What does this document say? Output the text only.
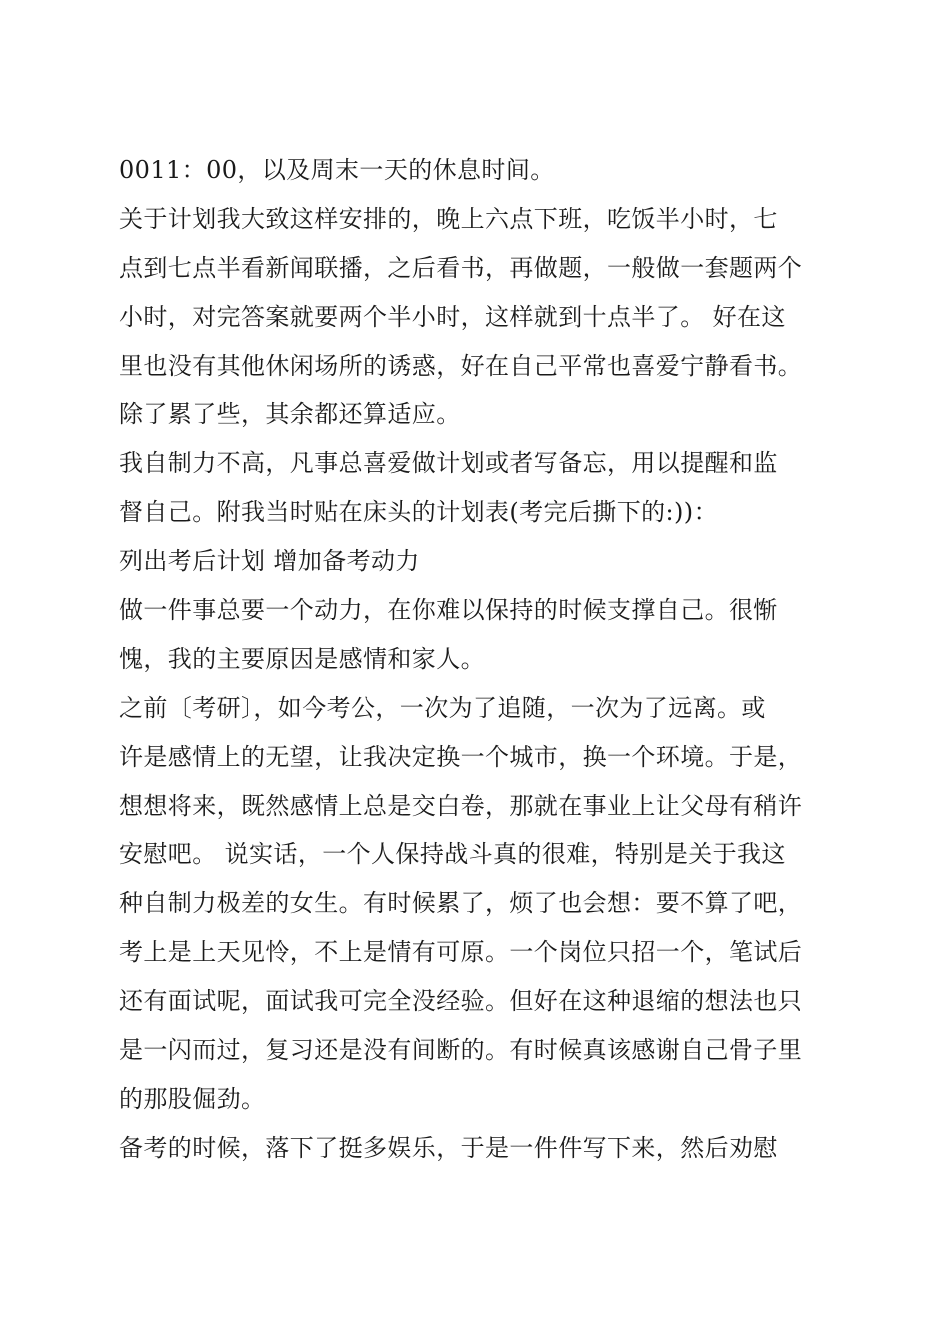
0011：00，以及周末一天的休息时间。
关于计划我大致这样安排的，晚上六点下班，吃饭半小时，七
点到七点半看新闻联播，之后看书，再做题，一般做一套题两个
小时，对完答案就要两个半小时，这样就到十点半了。 好在这
里也没有其他休闲场所的诱惑，好在自己平常也喜爱宁静看书。
除了累了些，其余都还算适应。
我自制力不高，凡事总喜爱做计划或者写备忘，用以提醒和监
督自己。附我当时贴在床头的计划表(考完后撕下的:))：
列出考后计划 增加备考动力
做一件事总要一个动力，在你难以保持的时候支撑自己。很惭
愧，我的主要原因是感情和家人。
之前〔考研〕，如今考公，一次为了追随，一次为了远离。或
许是感情上的无望，让我决定换一个城市，换一个环境。于是，
想想将来，既然感情上总是交白卷，那就在事业上让父母有稍许
安慰吧。 说实话，一个人保持战斗真的很难，特别是关于我这
种自制力极差的女生。有时候累了，烦了也会想：要不算了吧，
考上是上天见怜，不上是情有可原。一个岗位只招一个，笔试后
还有面试呢，面试我可完全没经验。但好在这种退缩的想法也只
是一闪而过，复习还是没有间断的。有时候真该感谢自己骨子里
的那股倔劲。
备考的时候，落下了挺多娱乐，于是一件件写下来，然后劝慰
